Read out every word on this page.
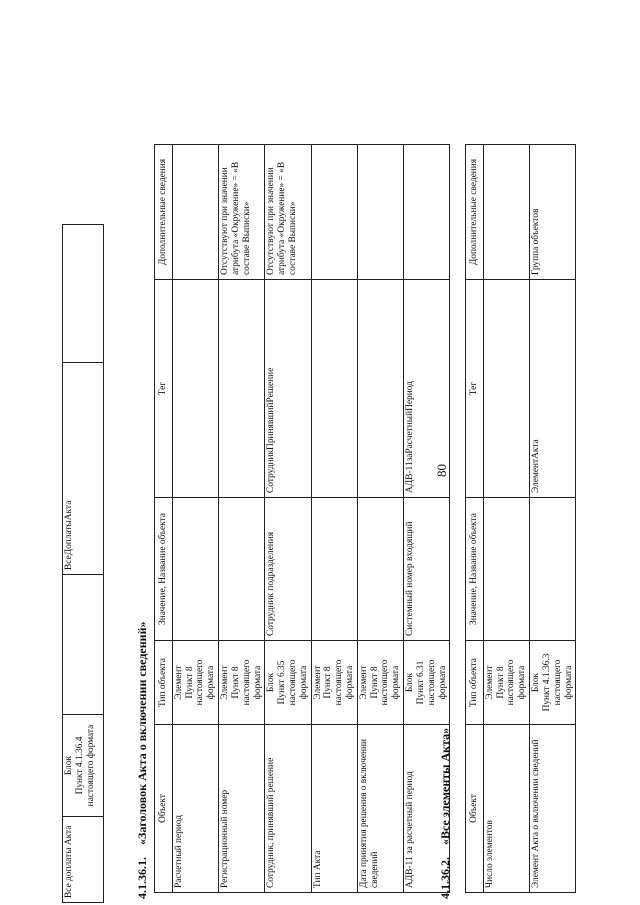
80
Все доплаты Акта	Блок
Пункт 4.1.36.4
настоящего формата		ВсеДоплатыАкта	
4.1.36.1.«Заголовок Акта о включении сведений» Объект	Тип объекта	Значение, Название объекта	Тег	Дополнительные сведения
Расчетный период	Элемент
Пункт 8 настоящего
формата			
Регистрационный номер	Элемент
Пункт 8 настоящего
формата			Отсутствуют при значении атрибута «Окружение» = «В составе Выписки»
Сотрудник, принявший решение	Блок
Пункт 6.35
настоящего формата	Сотрудник подразделения	СотрудникПринявшийРешение	Отсутствуют при значении атрибута «Окружение» = «В составе Выписки»
Тип Акта	Элемент
Пункт 8 настоящего
формата			
Дата принятия решения о включении сведений	Элемент
Пункт 8 настоящего
формата			
АДВ-11 за расчетный период	Блок
Пункт 6.31
настоящего формата	Системный номер входящий	АДВ-11заРасчетныйПериод	
4.1.36.2.«Все элементы Акта» Объект	Тип объекта	Значение, Название объекта	Тег	Дополнительные сведения
Число элементов	Элемент
Пункт 8 настоящего
формата			
Элемент Акта о включении сведений	Блок
Пункт 4.1.36.3
настоящего формата		ЭлементАкта	Группа объектов
